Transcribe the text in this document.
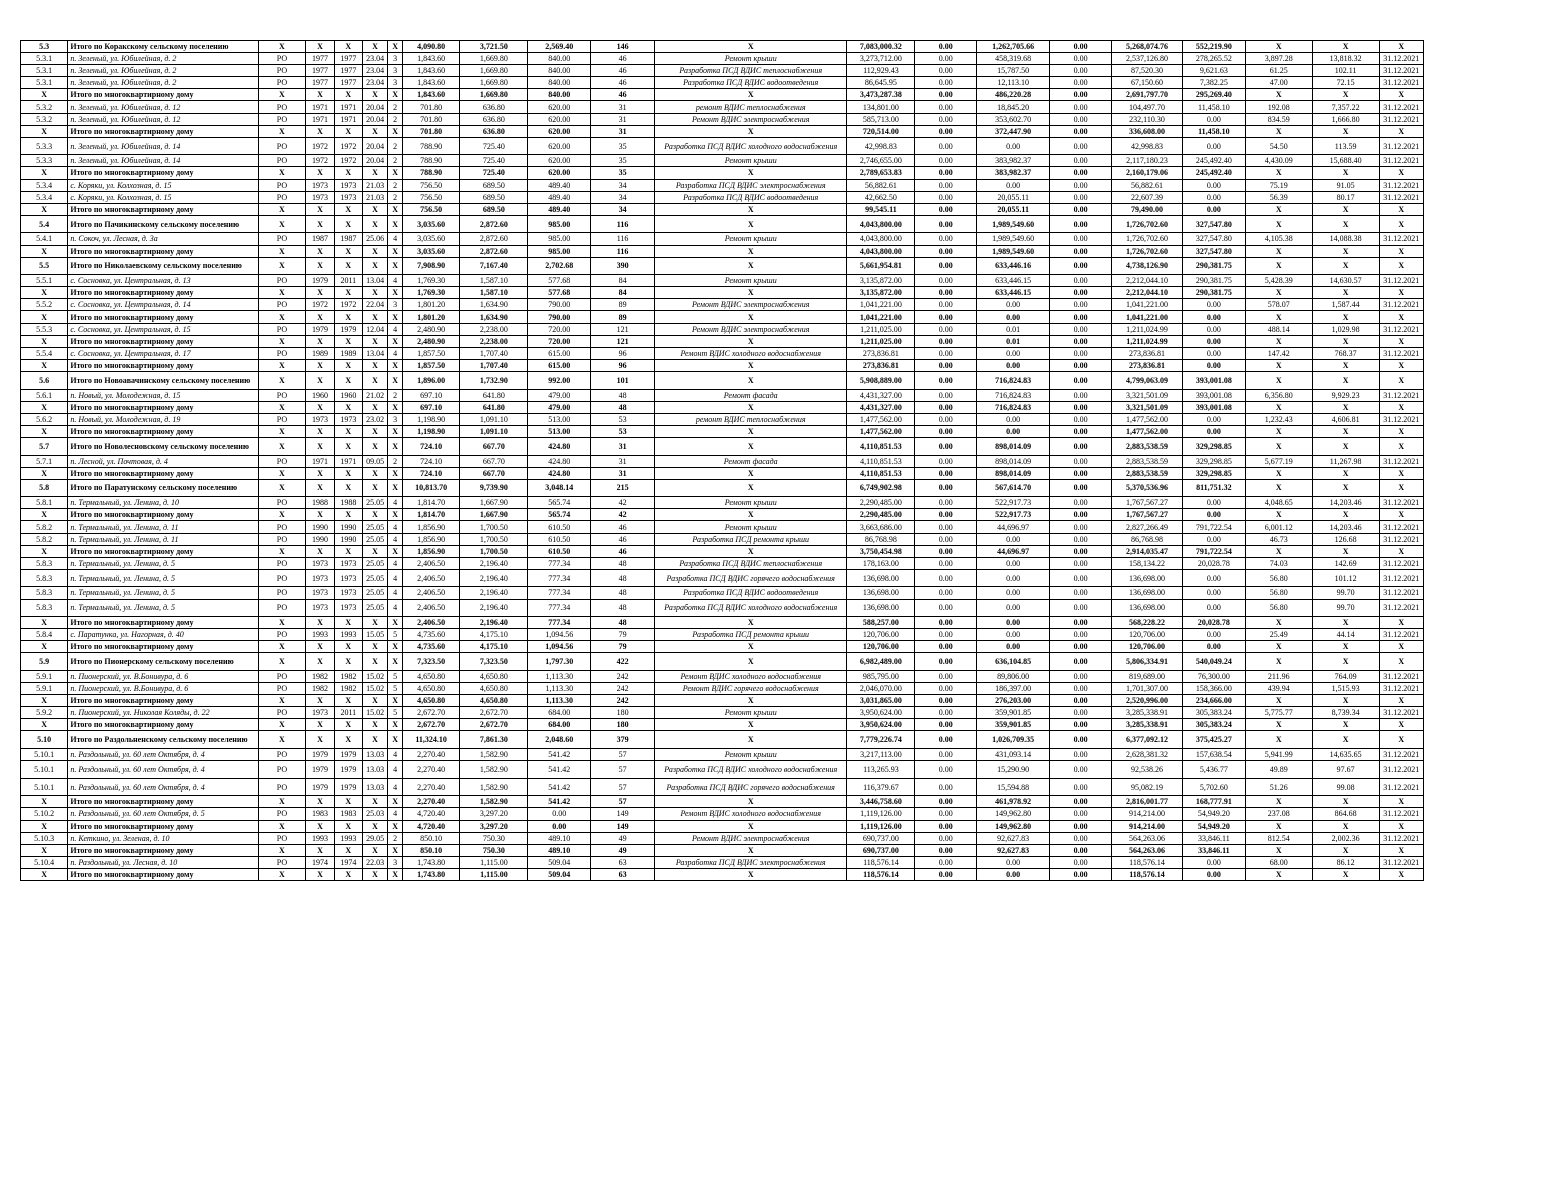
5.3	Итого по Коракскому сельскому поселению	X	X	X	X	X	4,090.80	3,721.50	2,569.40	146	X	7,083,000.32	0.00	1,262,705.66	0.00	5,268,074.76	552,219.90	X	X	X
5.3.1	п. Зеленый, ул. Юбилейная, д. 2	РО	1977	1977	23.04	3	1,843.60	1,669.80	840.00	46	Ремонт крыши	3,273,712.00	0.00	458,319.68	0.00	2,537,126.80	278,265.52	3,897.28	13,818.32	31.12.2021
5.3.1	п. Зеленый, ул. Юбилейная, д. 2	РО	1977	1977	23.04	3	1,843.60	1,669.80	840.00	46	Разработка ПСД ВДИС теплоснабжения	112,929.43	0.00	15,787.50	0.00	87,520.30	9,621.63	61.25	102.11	31.12.2021
5.3.1	п. Зеленый, ул. Юбилейная, д. 2	РО	1977	1977	23.04	3	1,843.60	1,669.80	840.00	46	Разработка ПСД ВДИС водоотведения	86,645.95	0.00	12,113.10	0.00	67,150.60	7,382.25	47.00	72.15	31.12.2021
X	Итого по многоквартирному дому	X	X	X	X	X	1,843.60	1,669.80	840.00	46	X	3,473,287.38	0.00	486,220.28	0.00	2,691,797.70	295,269.40	X	X	X
5.3.2	п. Зеленый, ул. Юбилейная, д. 12	РО	1971	1971	20.04	2	701.80	636.80	620.00	31	ремонт ВДИС теплоснабжения	134,801.00	0.00	18,845.20	0.00	104,497.70	11,458.10	192.08	7,357.22	31.12.2021
5.3.2	п. Зеленый, ул. Юбилейная, д. 12	РО	1971	1971	20.04	2	701.80	636.80	620.00	31	Ремонт ВДИС электроснабжения	585,713.00	0.00	353,602.70	0.00	232,110.30	0.00	834.59	1,666.80	31.12.2021
X	Итого по многоквартирному дому	X	X	X	X	X	701.80	636.80	620.00	31	X	720,514.00	0.00	372,447.90	0.00	336,608.00	11,458.10	X	X	X
5.3.3	п. Зеленый, ул. Юбилейная, д. 14	РО	1972	1972	20.04	2	788.90	725.40	620.00	35	Разработка ПСД ВДИС холодного водоснабжения	42,998.83	0.00	0.00	0.00	42,998.83	0.00	54.50	113.59	31.12.2021
5.3.3	п. Зеленый, ул. Юбилейная, д. 14	РО	1972	1972	20.04	2	788.90	725.40	620.00	35	Ремонт крыши	2,746,655.00	0.00	383,982.37	0.00	2,117,180.23	245,492.40	4,430.09	15,688.40	31.12.2021
X	Итого по многоквартирному дому	X	X	X	X	X	788.90	725.40	620.00	35	X	2,789,653.83	0.00	383,982.37	0.00	2,160,179.06	245,492.40	X	X	X
5.3.4	с. Коряки, ул. Колхозная, д. 15	РО	1973	1973	21.03	2	756.50	689.50	489.40	34	Разработка ПСД ВДИС электроснабжения	56,882.61	0.00	0.00	0.00	56,882.61	0.00	75.19	91.05	31.12.2021
5.3.4	с. Коряки, ул. Колхозная, д. 15	РО	1973	1973	21.03	2	756.50	689.50	489.40	34	Разработка ПСД ВДИС водоотведения	42,662.50	0.00	20,055.11	0.00	22,607.39	0.00	56.39	80.17	31.12.2021
X	Итого по многоквартирному дому	X	X	X	X	X	756.50	689.50	489.40	34	X	99,545.11	0.00	20,055.11	0.00	79,490.00	0.00	X	X	X
5.4	Итого по Пачикинскому сельскому поселению	X	X	X	X	X	3,035.60	2,872.60	985.00	116	X	4,043,800.00	0.00	1,989,549.60	0.00	1,726,702.60	327,547.80	X	X	X
5.4.1	п. Сокоч, ул. Лесная, д. 3а	РО	1987	1987	25.06	4	3,035.60	2,872.60	985.00	116	Ремонт крыши	4,043,800.00	0.00	1,989,549.60	0.00	1,726,702.60	327,547.80	4,105.38	14,088.38	31.12.2021
X	Итого по многоквартирному дому	X	X	X	X	X	3,035.60	2,872.60	985.00	116	X	4,043,800.00	0.00	1,989,549.60	0.00	1,726,702.60	327,547.80	X	X	X
5.5	Итого по Николаевскому сельскому поселению	X	X	X	X	X	7,908.90	7,167.40	2,702.68	390	X	5,661,954.81	0.00	633,446.16	0.00	4,738,126.90	290,381.75	X	X	X
5.5.1	с. Сосновка, ул. Центральная, д. 13	РО	1979	2011	13.04	4	1,769.30	1,587.10	577.68	84	Ремонт крыши	3,135,872.00	0.00	633,446.15	0.00	2,212,044.10	290,381.75	5,428.39	14,630.57	31.12.2021
X	Итого по многоквартирному дому	X	X	X	X	X	1,769.30	1,587.10	577.68	84	X	3,135,872.00	0.00	633,446.15	0.00	2,212,044.10	290,381.75	X	X	X
5.5.2	с. Сосновка, ул. Центральная, д. 14	РО	1972	1972	22.04	3	1,801.20	1,634.90	790.00	89	Ремонт ВДИС электроснабжения	1,041,221.00	0.00	0.00	0.00	1,041,221.00	0.00	578.07	1,587.44	31.12.2021
X	Итого по многоквартирному дому	X	X	X	X	X	1,801.20	1,634.90	790.00	89	X	1,041,221.00	0.00	0.00	0.00	1,041,221.00	0.00	X	X	X
5.5.3	с. Сосновка, ул. Центральная, д. 15	РО	1979	1979	12.04	4	2,480.90	2,238.00	720.00	121	Ремонт ВДИС электроснабжения	1,211,025.00	0.00	0.01	0.00	1,211,024.99	0.00	488.14	1,029.98	31.12.2021
X	Итого по многоквартирному дому	X	X	X	X	X	2,480.90	2,238.00	720.00	121	X	1,211,025.00	0.00	0.01	0.00	1,211,024.99	0.00	X	X	X
5.5.4	с. Сосновка, ул. Центральная, д. 17	РО	1989	1989	13.04	4	1,857.50	1,707.40	615.00	96	Ремонт ВДИС холодного водоснабжения	273,836.81	0.00	0.00	0.00	273,836.81	0.00	147.42	768.37	31.12.2021
X	Итого по многоквартирному дому	X	X	X	X	X	1,857.50	1,707.40	615.00	96	X	273,836.81	0.00	0.00	0.00	273,836.81	0.00	X	X	X
5.6	Итого по Новоавачинскому сельскому поселению	X	X	X	X	X	1,896.00	1,732.90	992.00	101	X	5,908,889.00	0.00	716,824.83	0.00	4,799,063.09	393,001.08	X	X	X
5.6.1	п. Новый, ул. Молодежная, д. 15	РО	1960	1960	21.02	2	697.10	641.80	479.00	48	Ремонт фасада	4,431,327.00	0.00	716,824.83	0.00	3,321,501.09	393,001.08	6,356.80	9,929.23	31.12.2021
X	Итого по многоквартирному дому	X	X	X	X	X	697.10	641.80	479.00	48	X	4,431,327.00	0.00	716,824.83	0.00	3,321,501.09	393,001.08	X	X	X
5.6.2	п. Новый, ул. Молодежная, д. 19	РО	1973	1973	23.02	3	1,198.90	1,091.10	513.00	53	ремонт ВДИС теплоснабжения	1,477,562.00	0.00	0.00	0.00	1,477,562.00	0.00	1,232.43	4,606.81	31.12.2021
X	Итого по многоквартирному дому	X	X	X	X	X	1,198.90	1,091.10	513.00	53	X	1,477,562.00	0.00	0.00	0.00	1,477,562.00	0.00	X	X	X
5.7	Итого по Новолесновскому сельскому поселению	X	X	X	X	X	724.10	667.70	424.80	31	X	4,110,851.53	0.00	898,014.09	0.00	2,883,538.59	329,298.85	X	X	X
5.7.1	п. Лесной, ул. Почтовая, д. 4	РО	1971	1971	09.05	2	724.10	667.70	424.80	31	Ремонт фасада	4,110,851.53	0.00	898,014.09	0.00	2,883,538.59	329,298.85	5,677.19	11,267.98	31.12.2021
X	Итого по многоквартирному дому	X	X	X	X	X	724.10	667.70	424.80	31	X	4,110,851.53	0.00	898,014.09	0.00	2,883,538.59	329,298.85	X	X	X
5.8	Итого по Паратунскому сельскому поселению	X	X	X	X	X	10,813.70	9,739.90	3,048.14	215	X	6,749,902.98	0.00	567,614.70	0.00	5,370,536.96	811,751.32	X	X	X
5.8.1	п. Термальный, ул. Ленина, д. 10	РО	1988	1988	25.05	4	1,814.70	1,667.90	565.74	42	Ремонт крыши	2,290,485.00	0.00	522,917.73	0.00	1,767,567.27	0.00	4,048.65	14,203.46	31.12.2021
X	Итого по многоквартирному дому	X	X	X	X	X	1,814.70	1,667.90	565.74	42	X	2,290,485.00	0.00	522,917.73	0.00	1,767,567.27	0.00	X	X	X
5.8.2	п. Термальный, ул. Ленина, д. 11	РО	1990	1990	25.05	4	1,856.90	1,700.50	610.50	46	Ремонт крыши	3,663,686.00	0.00	44,696.97	0.00	2,827,266.49	791,722.54	6,001.12	14,203.46	31.12.2021
5.8.2	п. Термальный, ул. Ленина, д. 11	РО	1990	1990	25.05	4	1,856.90	1,700.50	610.50	46	Разработка ПСД ремонта крыши	86,768.98	0.00	0.00	0.00	86,768.98	0.00	46.73	126.68	31.12.2021
X	Итого по многоквартирному дому	X	X	X	X	X	1,856.90	1,700.50	610.50	46	X	3,750,454.98	0.00	44,696.97	0.00	2,914,035.47	791,722.54	X	X	X
5.8.3	п. Термальный, ул. Ленина, д. 5	РО	1973	1973	25.05	4	2,406.50	2,196.40	777.34	48	Разработка ПСД ВДИС теплоснабжения	178,163.00	0.00	0.00	0.00	158,134.22	20,028.78	74.03	142.69	31.12.2021
5.8.3	п. Термальный, ул. Ленина, д. 5	РО	1973	1973	25.05	4	2,406.50	2,196.40	777.34	48	Разработка ПСД ВДИС горячего водоснабжения	136,698.00	0.00	0.00	0.00	136,698.00	0.00	56.80	101.12	31.12.2021
5.8.3	п. Термальный, ул. Ленина, д. 5	РО	1973	1973	25.05	4	2,406.50	2,196.40	777.34	48	Разработка ПСД ВДИС водоотведения	136,698.00	0.00	0.00	0.00	136,698.00	0.00	56.80	99.70	31.12.2021
5.8.3	п. Термальный, ул. Ленина, д. 5	РО	1973	1973	25.05	4	2,406.50	2,196.40	777.34	48	Разработка ПСД ВДИС холодного водоснабжения	136,698.00	0.00	0.00	0.00	136,698.00	0.00	56.80	99.70	31.12.2021
X	Итого по многоквартирному дому	X	X	X	X	X	2,406.50	2,196.40	777.34	48	X	588,257.00	0.00	0.00	0.00	568,228.22	20,028.78	X	X	X
5.8.4	с. Паратунка, ул. Нагорная, д. 40	РО	1993	1993	15.05	5	4,735.60	4,175.10	1,094.56	79	Разработка ПСД ремонта крыши	120,706.00	0.00	0.00	0.00	120,706.00	0.00	25.49	44.14	31.12.2021
X	Итого по многоквартирному дому	X	X	X	X	X	4,735.60	4,175.10	1,094.56	79	X	120,706.00	0.00	0.00	0.00	120,706.00	0.00	X	X	X
5.9	Итого по Пионерскому сельскому поселению	X	X	X	X	X	7,323.50	7,323.50	1,797.30	422	X	6,982,489.00	0.00	636,104.85	0.00	5,806,334.91	540,049.24	X	X	X
5.9.1	п. Пионерский, ул. В.Бонивура, д. 6	РО	1982	1982	15.02	5	4,650.80	4,650.80	1,113.30	242	Ремонт ВДИС холодного водоснабжения	985,795.00	0.00	89,806.00	0.00	819,689.00	76,300.00	211.96	764.09	31.12.2021
5.9.1	п. Пионерский, ул. В.Бонивура, д. 6	РО	1982	1982	15.02	5	4,650.80	4,650.80	1,113.30	242	Ремонт ВДИС горячего водоснабжения	2,046,070.00	0.00	186,397.00	0.00	1,701,307.00	158,366.00	439.94	1,515.93	31.12.2021
X	Итого по многоквартирному дому	X	X	X	X	X	4,650.80	4,650.80	1,113.30	242	X	3,031,865.00	0.00	276,203.00	0.00	2,520,996.00	234,666.00	X	X	X
5.9.2	п. Пионерский, ул. Николая Коляды, д. 22	РО	1973	2011	15.02	5	2,672.70	2,672.70	684.00	180	Ремонт крыши	3,950,624.00	0.00	359,901.85	0.00	3,285,338.91	305,383.24	5,775.77	8,739.34	31.12.2021
X	Итого по многоквартирному дому	X	X	X	X	X	2,672.70	2,672.70	684.00	180	X	3,950,624.00	0.00	359,901.85	0.00	3,285,338.91	305,383.24	X	X	X
5.10	Итого по Раздольненскому сельскому поселению	X	X	X	X	X	11,324.10	7,861.30	2,048.60	379	X	7,779,226.74	0.00	1,026,709.35	0.00	6,377,092.12	375,425.27	X	X	X
5.10.1	п. Раздольный, ул. 60 лет Октября, д. 4	РО	1979	1979	13.03	4	2,270.40	1,582.90	541.42	57	Ремонт крыши	3,217,113.00	0.00	431,093.14	0.00	2,628,381.32	157,638.54	5,941.99	14,635.65	31.12.2021
5.10.1	п. Раздольный, ул. 60 лет Октября, д. 4	РО	1979	1979	13.03	4	2,270.40	1,582.90	541.42	57	Разработка ПСД ВДИС холодного водоснабжения	113,265.93	0.00	15,290.90	0.00	92,538.26	5,436.77	49.89	97.67	31.12.2021
5.10.1	п. Раздольный, ул. 60 лет Октября, д. 4	РО	1979	1979	13.03	4	2,270.40	1,582.90	541.42	57	Разработка ПСД ВДИС горячего водоснабжения	116,379.67	0.00	15,594.88	0.00	95,082.19	5,702.60	51.26	99.08	31.12.2021
X	Итого по многоквартирному дому	X	X	X	X	X	2,270.40	1,582.90	541.42	57	X	3,446,758.60	0.00	461,978.92	0.00	2,816,001.77	168,777.91	X	X	X
5.10.2	п. Раздольный, ул. 60 лет Октября, д. 5	РО	1983	1983	25.03	4	4,720.40	3,297.20	0.00	149	Ремонт ВДИС холодного водоснабжения	1,119,126.00	0.00	149,962.80	0.00	914,214.00	54,949.20	237.08	864.68	31.12.2021
X	Итого по многоквартирному дому	X	X	X	X	X	4,720.40	3,297.20	0.00	149	X	1,119,126.00	0.00	149,962.80	0.00	914,214.00	54,949.20	X	X	X
5.10.3	п. Кеткино, ул. Зеленая, д. 10	РО	1993	1993	29.05	2	850.10	750.30	489.10	49	Ремонт ВДИС электроснабжения	690,737.00	0.00	92,627.83	0.00	564,263.06	33,846.11	812.54	2,002.36	31.12.2021
X	Итого по многоквартирному дому	X	X	X	X	X	850.10	750.30	489.10	49	X	690,737.00	0.00	92,627.83	0.00	564,263.06	33,846.11	X	X	X
5.10.4	п. Раздольный, ул. Лесная, д. 10	РО	1974	1974	22.03	3	1,743.80	1,115.00	509.04	63	Разработка ПСД ВДИС электроснабжения	118,576.14	0.00	0.00	0.00	118,576.14	0.00	68.00	86.12	31.12.2021
X	Итого по многоквартирному дому	X	X	X	X	X	1,743.80	1,115.00	509.04	63	X	118,576.14	0.00	0.00	0.00	118,576.14	0.00	X	X	X
